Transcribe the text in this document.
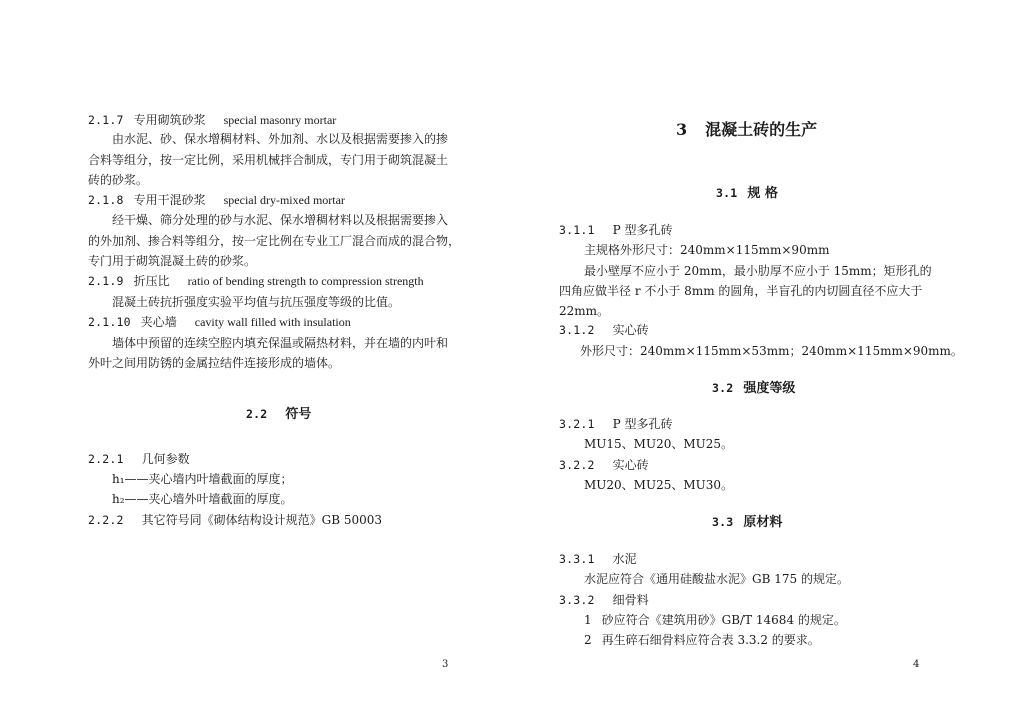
2.1.7 专用砌筑砂浆 special masonry mortar
由水泥、砂、保水增稠材料、外加剂、水以及根据需要掺入的掺
合料等组分，按一定比例，采用机械拌合制成，专门用于砌筑混凝土
砖的砂浆。
2.1.8 专用干混砂浆 special dry-mixed mortar
经干燥、筛分处理的砂与水泥、保水增稠材料以及根据需要掺入
的外加剂、掺合料等组分，按一定比例在专业工厂混合而成的混合物，
专门用于砌筑混凝土砖的砂浆。
2.1.9 折压比 ratio of bending strength to compression strength
混凝土砖抗折强度实验平均值与抗压强度等级的比值。
2.1.10 夹心墙 cavity wall filled with insulation
墙体中预留的连续空腔内填充保温或隔热材料，并在墙的内叶和
外叶之间用防锈的金属拉结件连接形成的墙体。
2.2 符号
2.2.1 几何参数
h₁——夹心墙内叶墙截面的厚度；
h₂——夹心墙外叶墙截面的厚度。
2.2.2 其它符号同《砌体结构设计规范》GB 50003
3
3 混凝土砖的生产
3.1 规 格
3.1.1 P 型多孔砖
主规格外形尺寸：240mm×115mm×90mm
最小壁厚不应小于 20mm，最小肋厚不应小于 15mm；矩形孔的
四角应做半径 r 不小于 8mm 的圆角，半盲孔的内切圆直径不应大于
22mm。
3.1.2 实心砖
外形尺寸：240mm×115mm×53mm；240mm×115mm×90mm。
3.2 强度等级
3.2.1 P 型多孔砖
MU15、MU20、MU25。
3.2.2 实心砖
MU20、MU25、MU30。
3.3 原材料
3.3.1 水泥
水泥应符合《通用硅酸盐水泥》GB 175 的规定。
3.3.2 细骨料
1 砂应符合《建筑用砂》GB/T 14684 的规定。
2 再生碎石细骨料应符合表 3.3.2 的要求。
4
